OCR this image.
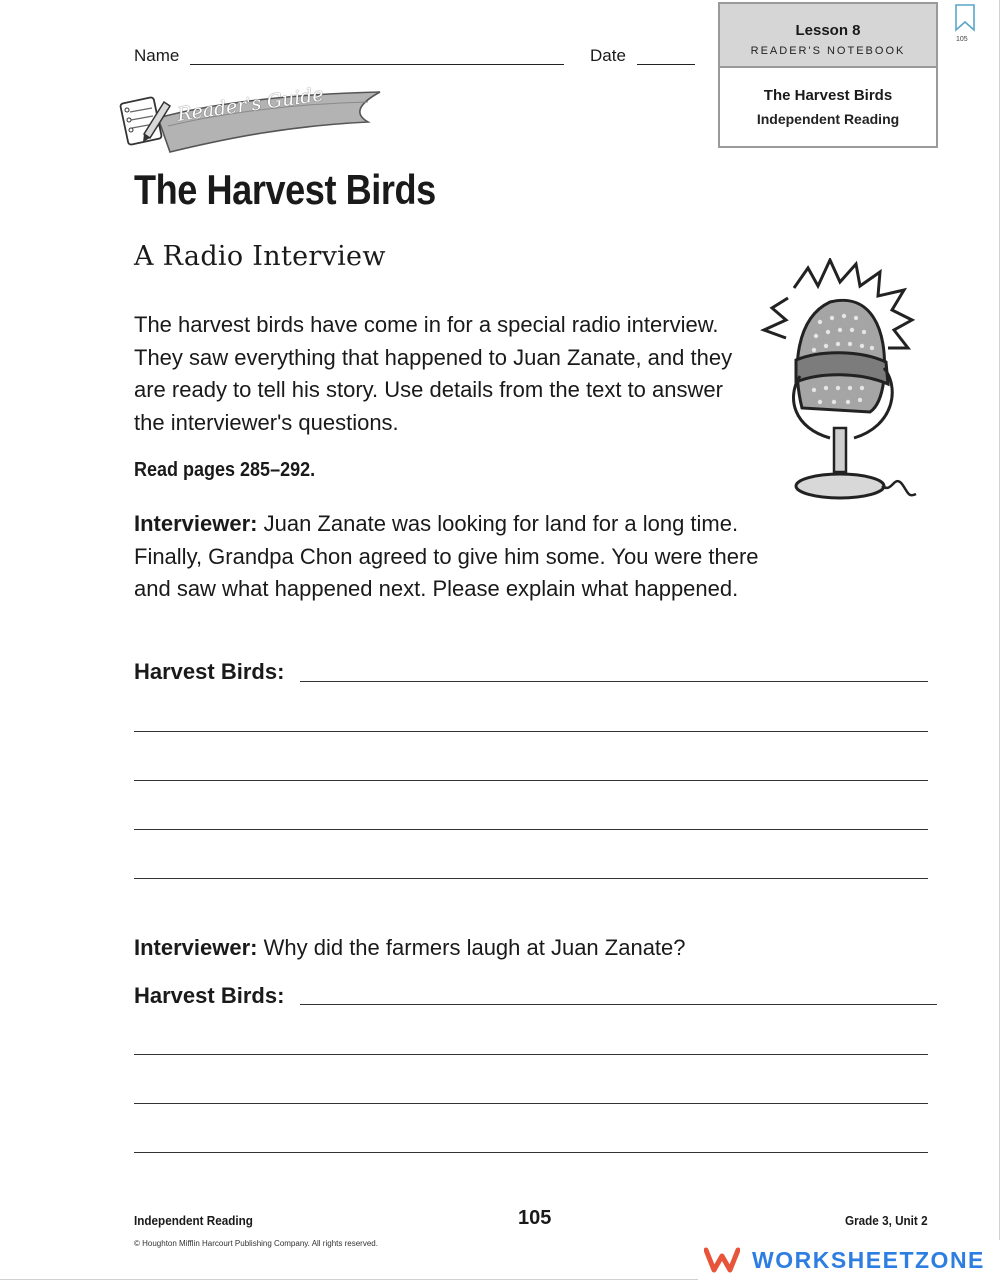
Name	Date
Lesson 8
READER'S NOTEBOOK
The Harvest Birds
Independent Reading
105
Reader's Guide
The Harvest Birds
A Radio Interview
The harvest birds have come in for a special radio interview. They saw everything that happened to Juan Zanate, and they are ready to tell his story. Use details from the text to answer the interviewer's questions.
Read pages 285–292.
Interviewer: Juan Zanate was looking for land for a long time. Finally, Grandpa Chon agreed to give him some. You were there and saw what happened next. Please explain what happened.
Harvest Birds:
Interviewer: Why did the farmers laugh at Juan Zanate?
Harvest Birds:
Independent Reading	105	Grade 3, Unit 2
© Houghton Mifflin Harcourt Publishing Company. All rights reserved.
WORKSHEETZONE
